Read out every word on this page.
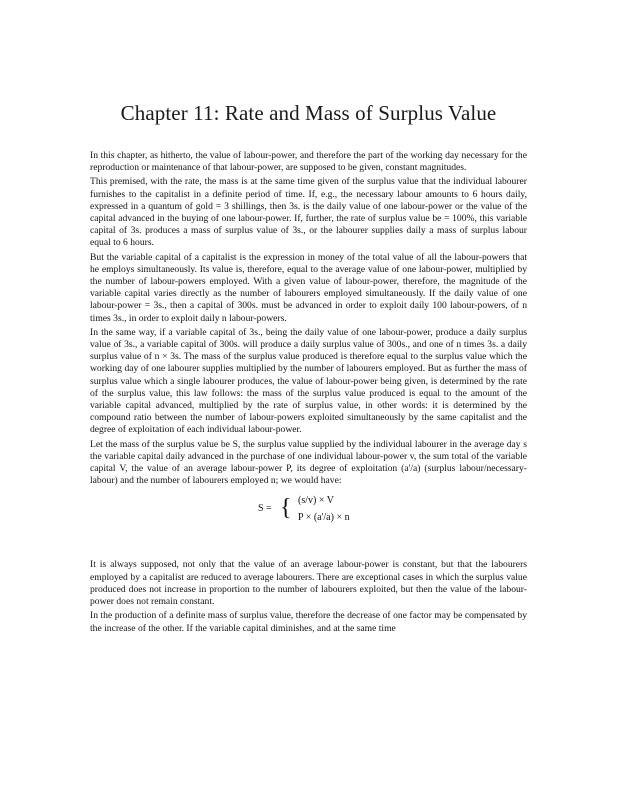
Chapter 11: Rate and Mass of Surplus Value

In this chapter, as hitherto, the value of labour-power, and therefore the part of the working day necessary for the reproduction or maintenance of that labour-power, are supposed to be given, constant magnitudes.

This premised, with the rate, the mass is at the same time given of the surplus value that the individual labourer furnishes to the capitalist in a definite period of time. If, e.g., the necessary labour amounts to 6 hours daily, expressed in a quantum of gold = 3 shillings, then 3s. is the daily value of one labour-power or the value of the capital advanced in the buying of one labour-power. If, further, the rate of surplus value be = 100%, this variable capital of 3s. produces a mass of surplus value of 3s., or the labourer supplies daily a mass of surplus labour equal to 6 hours.

But the variable capital of a capitalist is the expression in money of the total value of all the labour-powers that he employs simultaneously. Its value is, therefore, equal to the average value of one labour-power, multiplied by the number of labour-powers employed. With a given value of labour-power, therefore, the magnitude of the variable capital varies directly as the number of labourers employed simultaneously. If the daily value of one labour-power = 3s., then a capital of 300s. must be advanced in order to exploit daily 100 labour-powers, of n times 3s., in order to exploit daily n labour-powers.

In the same way, if a variable capital of 3s., being the daily value of one labour-power, produce a daily surplus value of 3s., a variable capital of 300s. will produce a daily surplus value of 300s., and one of n times 3s. a daily surplus value of n × 3s. The mass of the surplus value produced is therefore equal to the surplus value which the working day of one labourer supplies multiplied by the number of labourers employed. But as further the mass of surplus value which a single labourer produces, the value of labour-power being given, is determined by the rate of the surplus value, this law follows: the mass of the surplus value produced is equal to the amount of the variable capital advanced, multiplied by the rate of surplus value, in other words: it is determined by the compound ratio between the number of labour-powers exploited simultaneously by the same capitalist and the degree of exploitation of each individual labour-power.

Let the mass of the surplus value be S, the surplus value supplied by the individual labourer in the average day s the variable capital daily advanced in the purchase of one individual labour-power v, the sum total of the variable capital V, the value of an average labour-power P, its degree of exploitation (a'/a) (surplus labour/necessary-labour) and the number of labourers employed n; we would have:

S = { (s/v) × V
P × (a'/a) × n

It is always supposed, not only that the value of an average labour-power is constant, but that the labourers employed by a capitalist are reduced to average labourers. There are exceptional cases in which the surplus value produced does not increase in proportion to the number of labourers exploited, but then the value of the labour-power does not remain constant.

In the production of a definite mass of surplus value, therefore the decrease of one factor may be compensated by the increase of the other. If the variable capital diminishes, and at the same time
